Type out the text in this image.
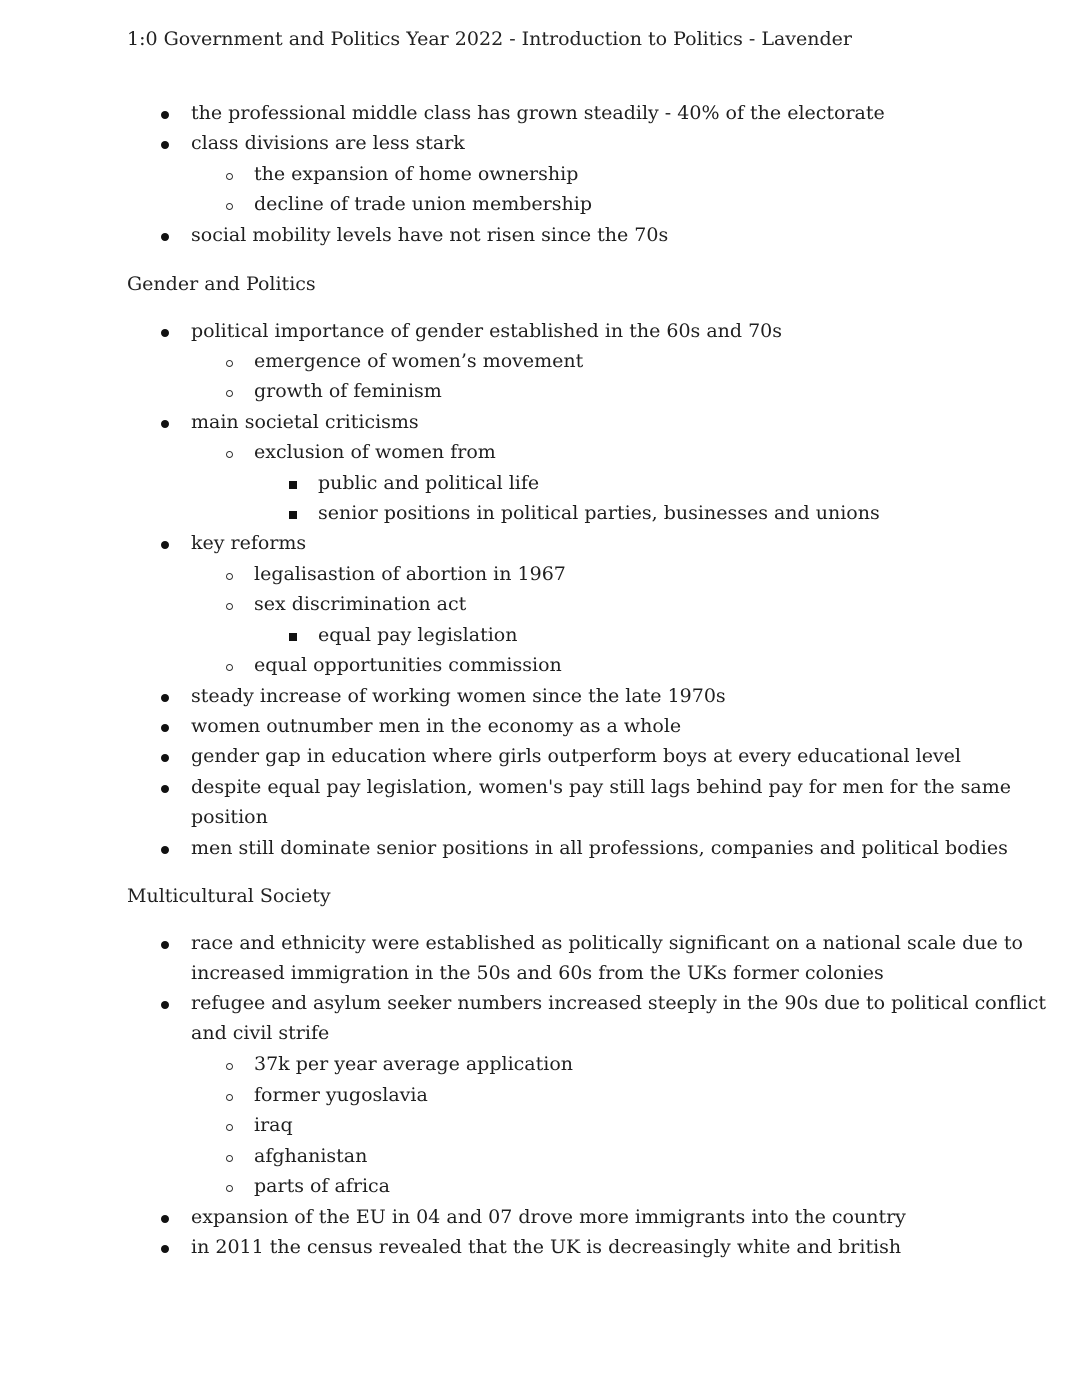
1:0 Government and Politics Year 2022 - Introduction to Politics - Lavender
the professional middle class has grown steadily - 40% of the electorate
class divisions are less stark
the expansion of home ownership
decline of trade union membership
social mobility levels have not risen since the 70s
Gender and Politics
political importance of gender established in the 60s and 70s
emergence of women’s movement
growth of feminism
main societal criticisms
exclusion of women from
public and political life
senior positions in political parties, businesses and unions
key reforms
legalisastion of abortion in 1967
sex discrimination act
equal pay legislation
equal opportunities commission
steady increase of working women since the late 1970s
women outnumber men in the economy as a whole
gender gap in education where girls outperform boys at every educational level
despite equal pay legislation, women's pay still lags behind pay for men for the same
position
men still dominate senior positions in all professions, companies and political bodies
Multicultural Society
race and ethnicity were established as politically significant on a national scale due to
increased immigration in the 50s and 60s from the UKs former colonies
refugee and asylum seeker numbers increased steeply in the 90s due to political conflict
and civil strife
37k per year average application
former yugoslavia
iraq
afghanistan
parts of africa
expansion of the EU in 04 and 07 drove more immigrants into the country
in 2011 the census revealed that the UK is decreasingly white and british
